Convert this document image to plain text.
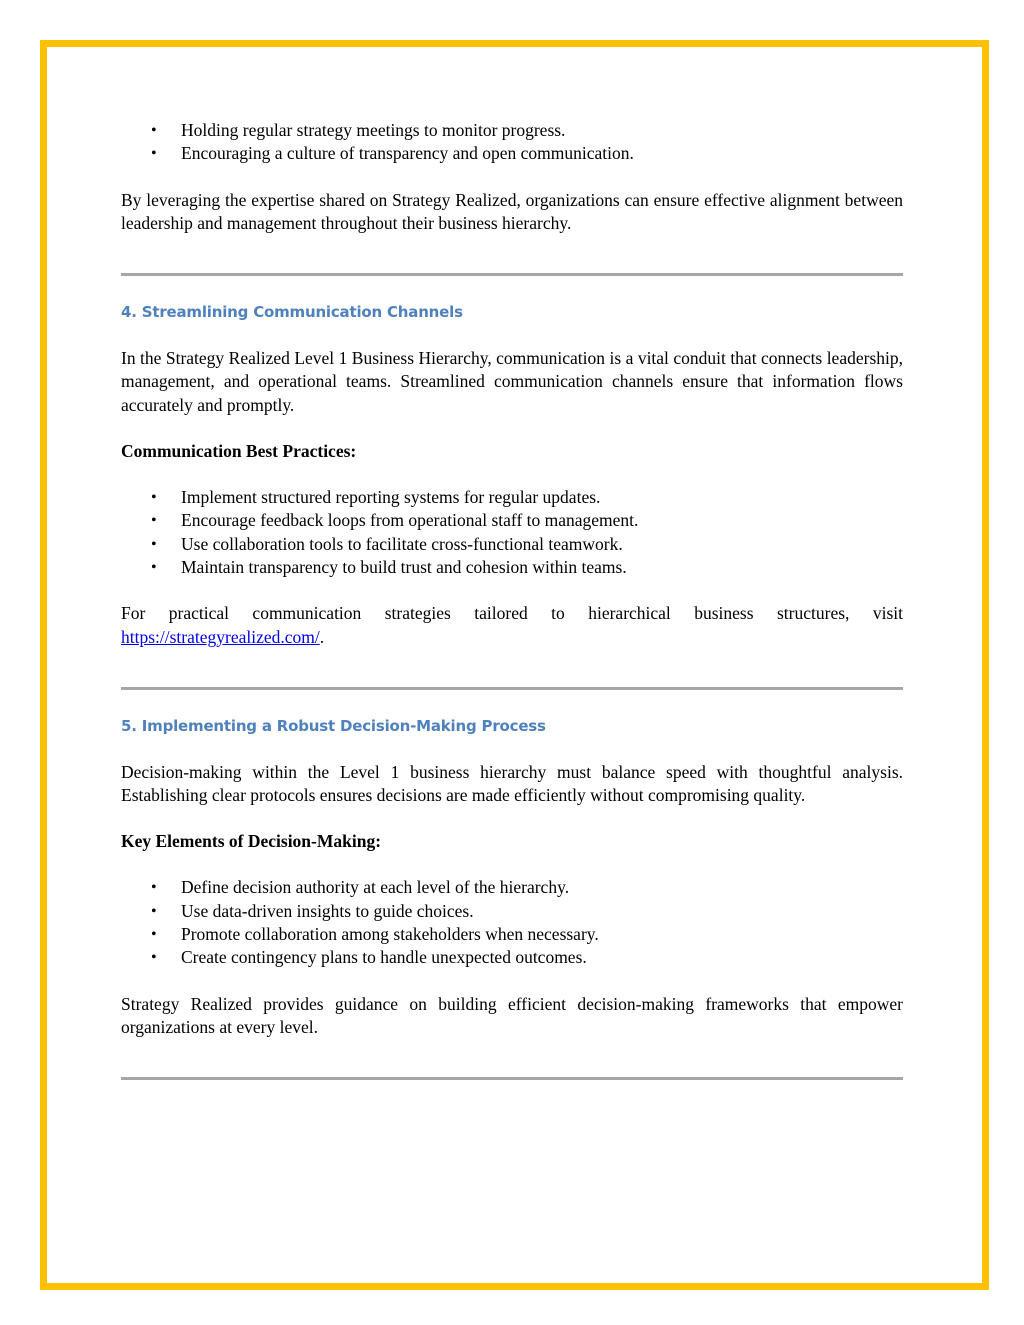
• Holding regular strategy meetings to monitor progress.
• Encouraging a culture of transparency and open communication.

By leveraging the expertise shared on Strategy Realized, organizations can ensure effective alignment between leadership and management throughout their business hierarchy.

4. Streamlining Communication Channels

In the Strategy Realized Level 1 Business Hierarchy, communication is a vital conduit that connects leadership, management, and operational teams. Streamlined communication channels ensure that information flows accurately and promptly.

Communication Best Practices:
• Implement structured reporting systems for regular updates.
• Encourage feedback loops from operational staff to management.
• Use collaboration tools to facilitate cross-functional teamwork.
• Maintain transparency to build trust and cohesion within teams.

For practical communication strategies tailored to hierarchical business structures, visit https://strategyrealized.com/.

5. Implementing a Robust Decision-Making Process

Decision-making within the Level 1 business hierarchy must balance speed with thoughtful analysis. Establishing clear protocols ensures decisions are made efficiently without compromising quality.

Key Elements of Decision-Making:
• Define decision authority at each level of the hierarchy.
• Use data-driven insights to guide choices.
• Promote collaboration among stakeholders when necessary.
• Create contingency plans to handle unexpected outcomes.

Strategy Realized provides guidance on building efficient decision-making frameworks that empower organizations at every level.
